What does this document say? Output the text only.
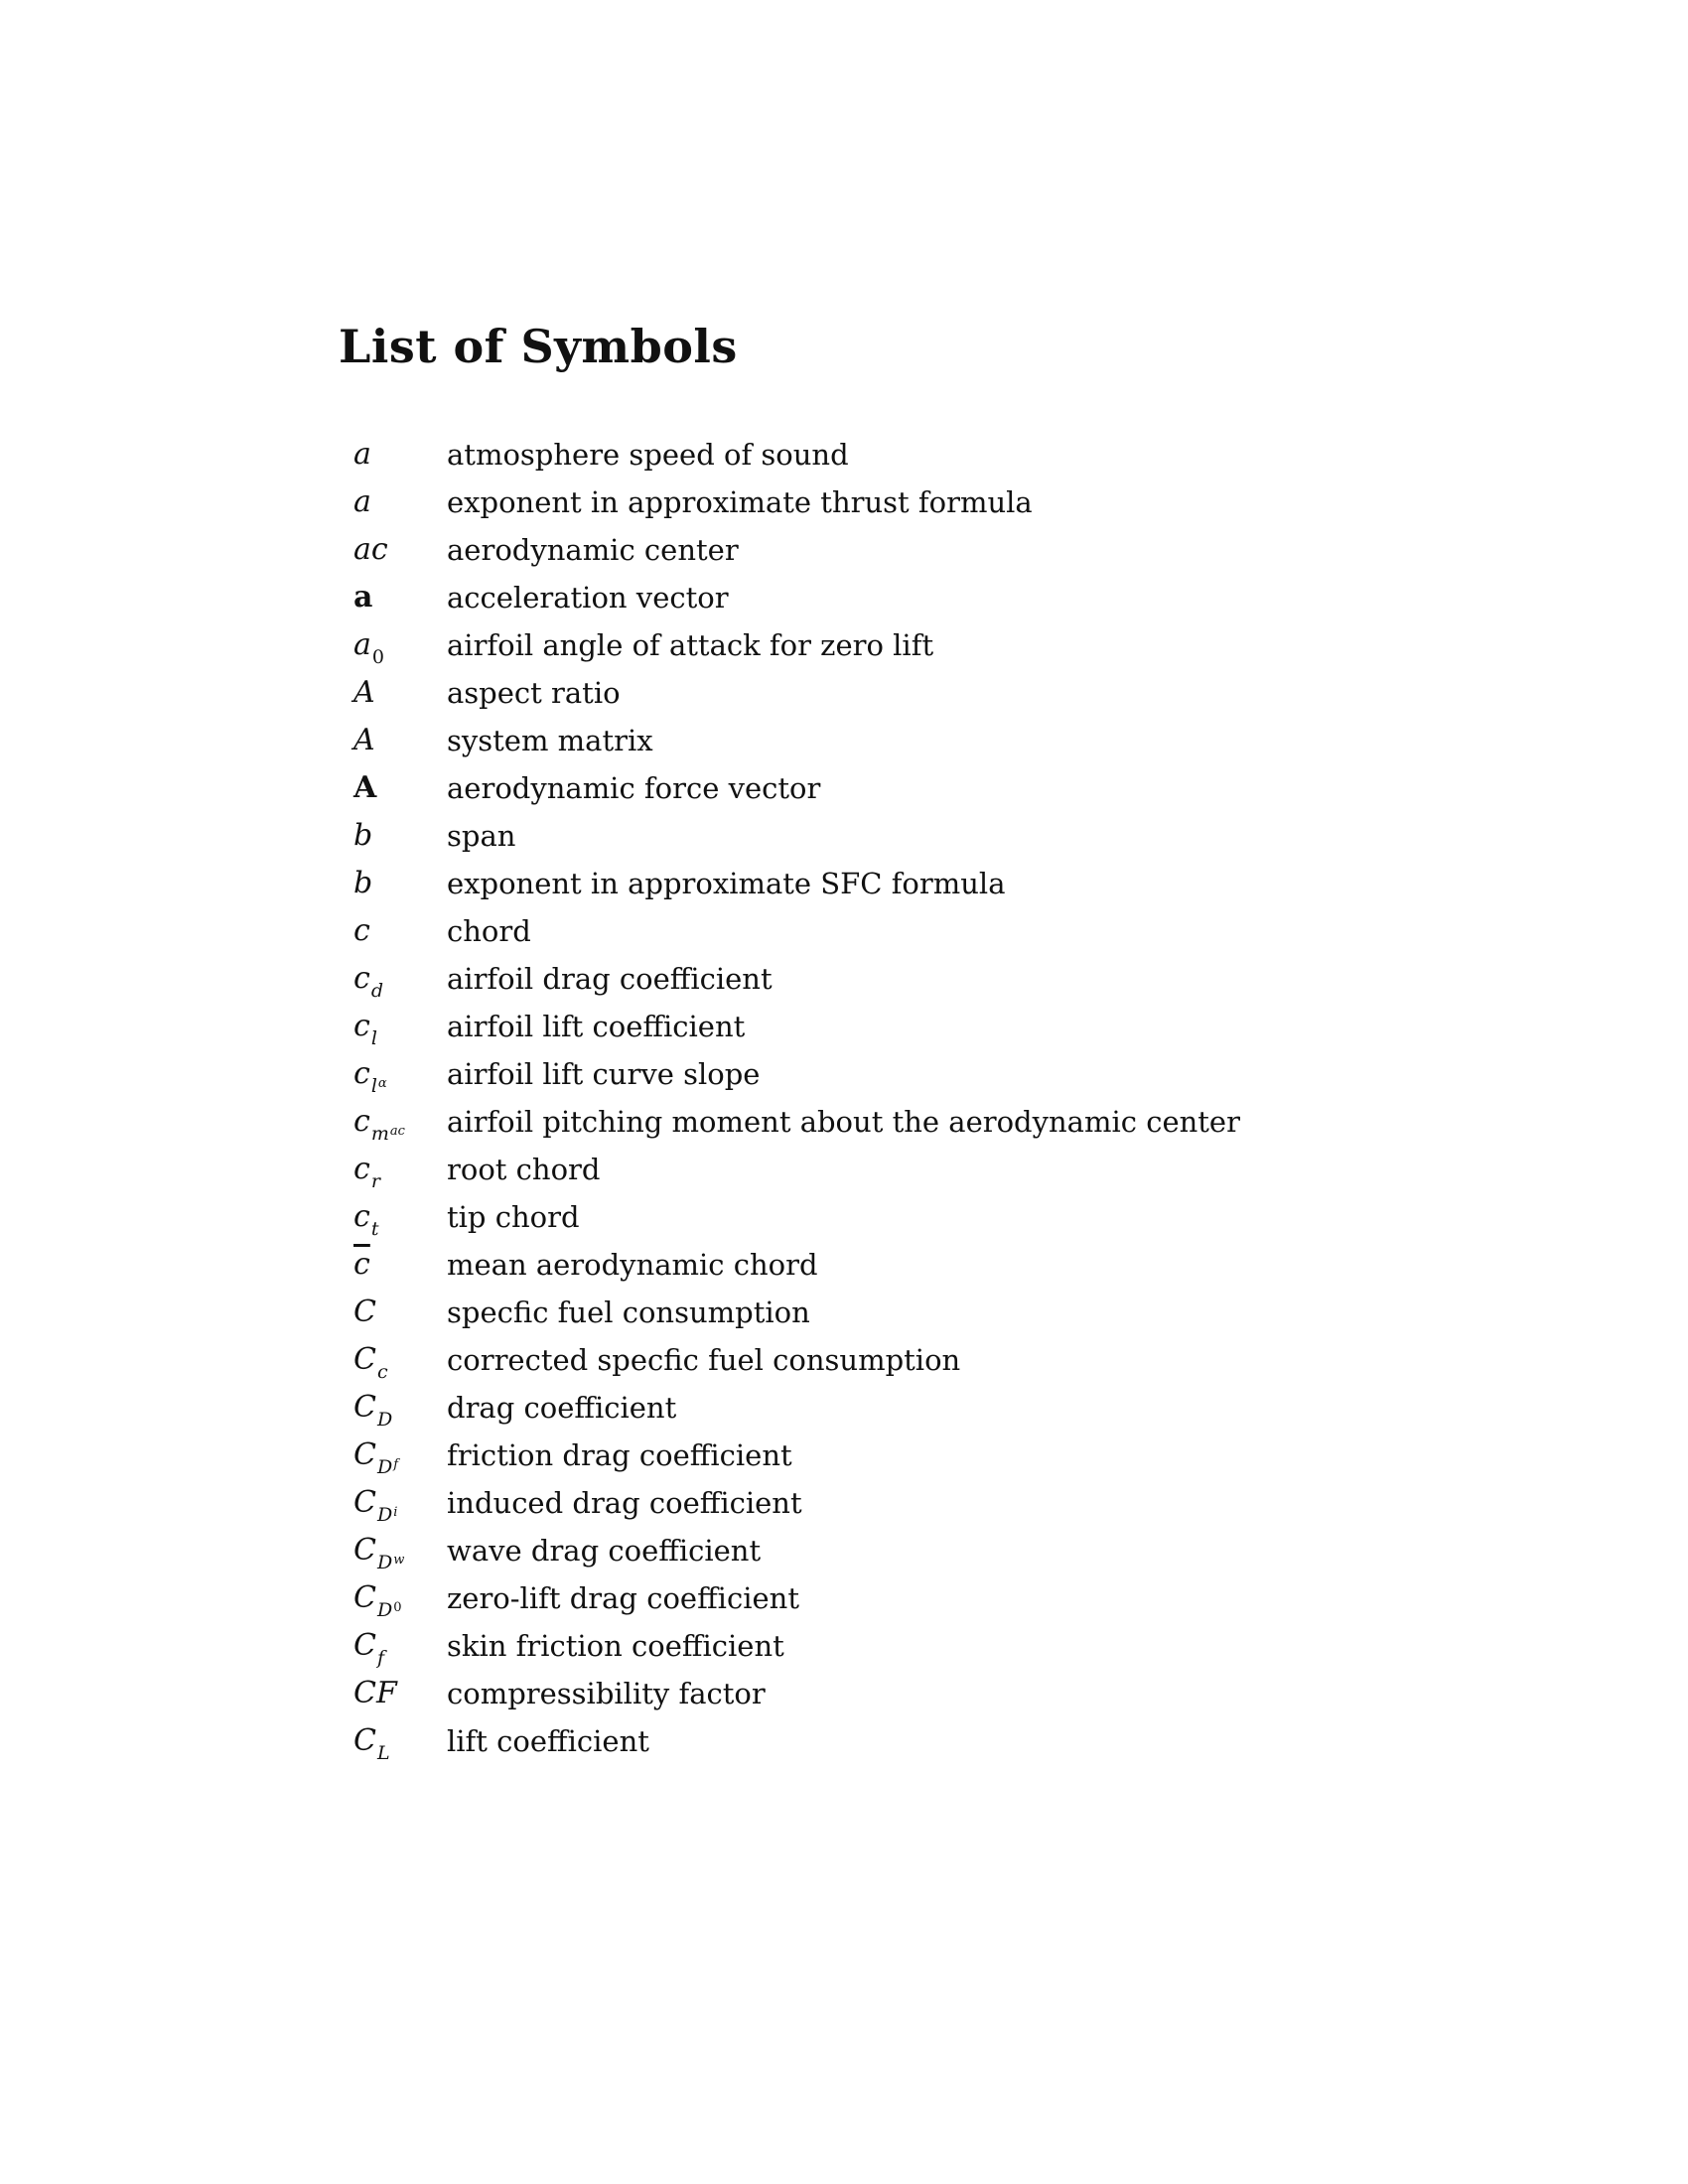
List of Symbols
a	atmosphere speed of sound
a	exponent in approximate thrust formula
ac	aerodynamic center
a	acceleration vector
$a_0$	airfoil angle of attack for zero lift
A	aspect ratio
A	system matrix
A	aerodynamic force vector
b	span
b	exponent in approximate SFC formula
c	chord
$c_d$	airfoil drag coefficient
$c_l$	airfoil lift coefficient
$c_l\alpha$	airfoil lift curve slope
$c_mac$	airfoil pitching moment about the aerodynamic center
$c_r$	root chord
$c_t$	tip chord
$\overline{c}$	mean aerodynamic chord
C	specfic fuel consumption
$C_c$	corrected specfic fuel consumption
$C_D$	drag coefficient
$C_Df$	friction drag coefficient
$C_Di$	induced drag coefficient
$C_Dw$	wave drag coefficient
$C_D0$	zero-lift drag coefficient
$C_f$	skin friction coefficient
CF	compressibility factor
$C_L$	lift coefficient
